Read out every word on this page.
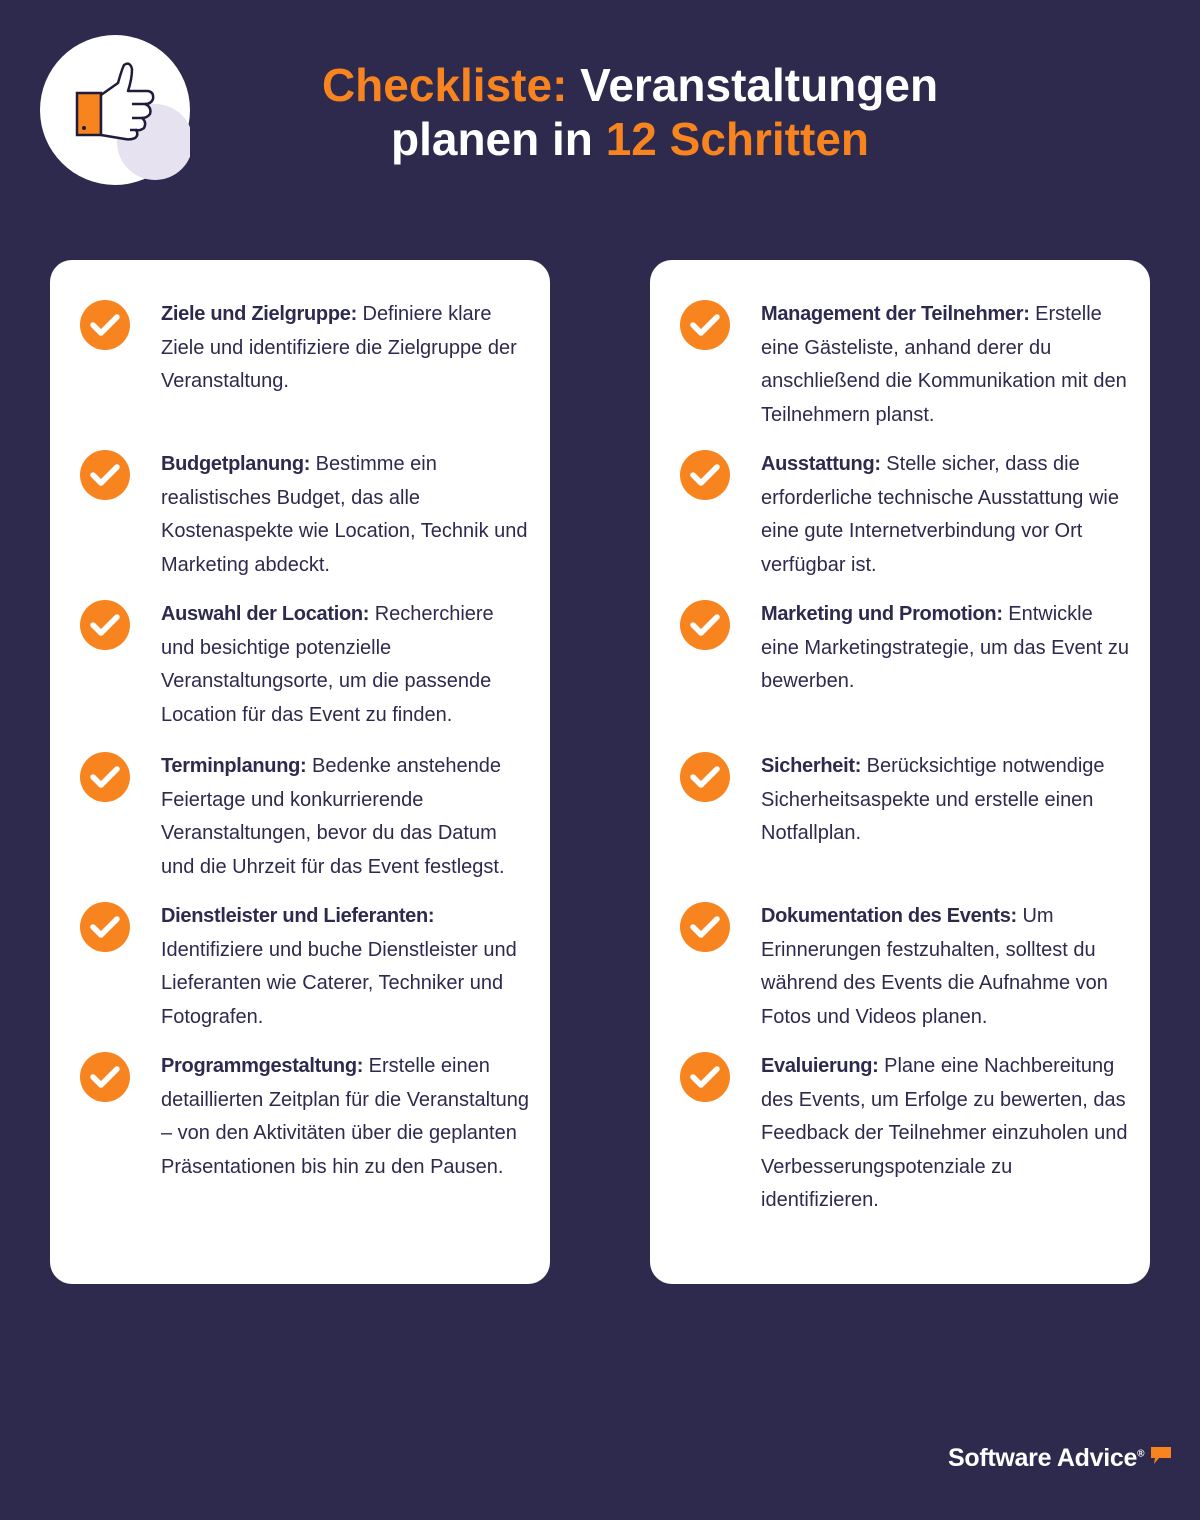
Checkliste: Veranstaltungen
planen in 12 Schritten
Ziele und Zielgruppe: Definiere klare Ziele und identifiziere die Zielgruppe der Veranstaltung.
Budgetplanung: Bestimme ein realistisches Budget, das alle Kostenaspekte wie Location, Technik und Marketing abdeckt.
Auswahl der Location: Recherchiere und besichtige potenzielle Veranstaltungsorte, um die passende Location für das Event zu finden.
Terminplanung: Bedenke anstehende Feiertage und konkurrierende Veranstaltungen, bevor du das Datum und die Uhrzeit für das Event festlegst.
Dienstleister und Lieferanten: Identifiziere und buche Dienstleister und Lieferanten wie Caterer, Techniker und Fotografen.
Programmgestaltung: Erstelle einen detaillierten Zeitplan für die Veranstaltung – von den Aktivitäten über die geplanten Präsentationen bis hin zu den Pausen.
Management der Teilnehmer: Erstelle eine Gästeliste, anhand derer du anschließend die Kommunikation mit den Teilnehmern planst.
Ausstattung: Stelle sicher, dass die erforderliche technische Ausstattung wie eine gute Internetverbindung vor Ort verfügbar ist.
Marketing und Promotion: Entwickle eine Marketingstrategie, um das Event zu bewerben.
Sicherheit: Berücksichtige notwendige Sicherheitsaspekte und erstelle einen Notfallplan.
Dokumentation des Events: Um Erinnerungen festzuhalten, solltest du während des Events die Aufnahme von Fotos und Videos planen.
Evaluierung: Plane eine Nachbereitung des Events, um Erfolge zu bewerten, das Feedback der Teilnehmer einzuholen und Verbesserungspotenziale zu identifizieren.
Software Advice®
